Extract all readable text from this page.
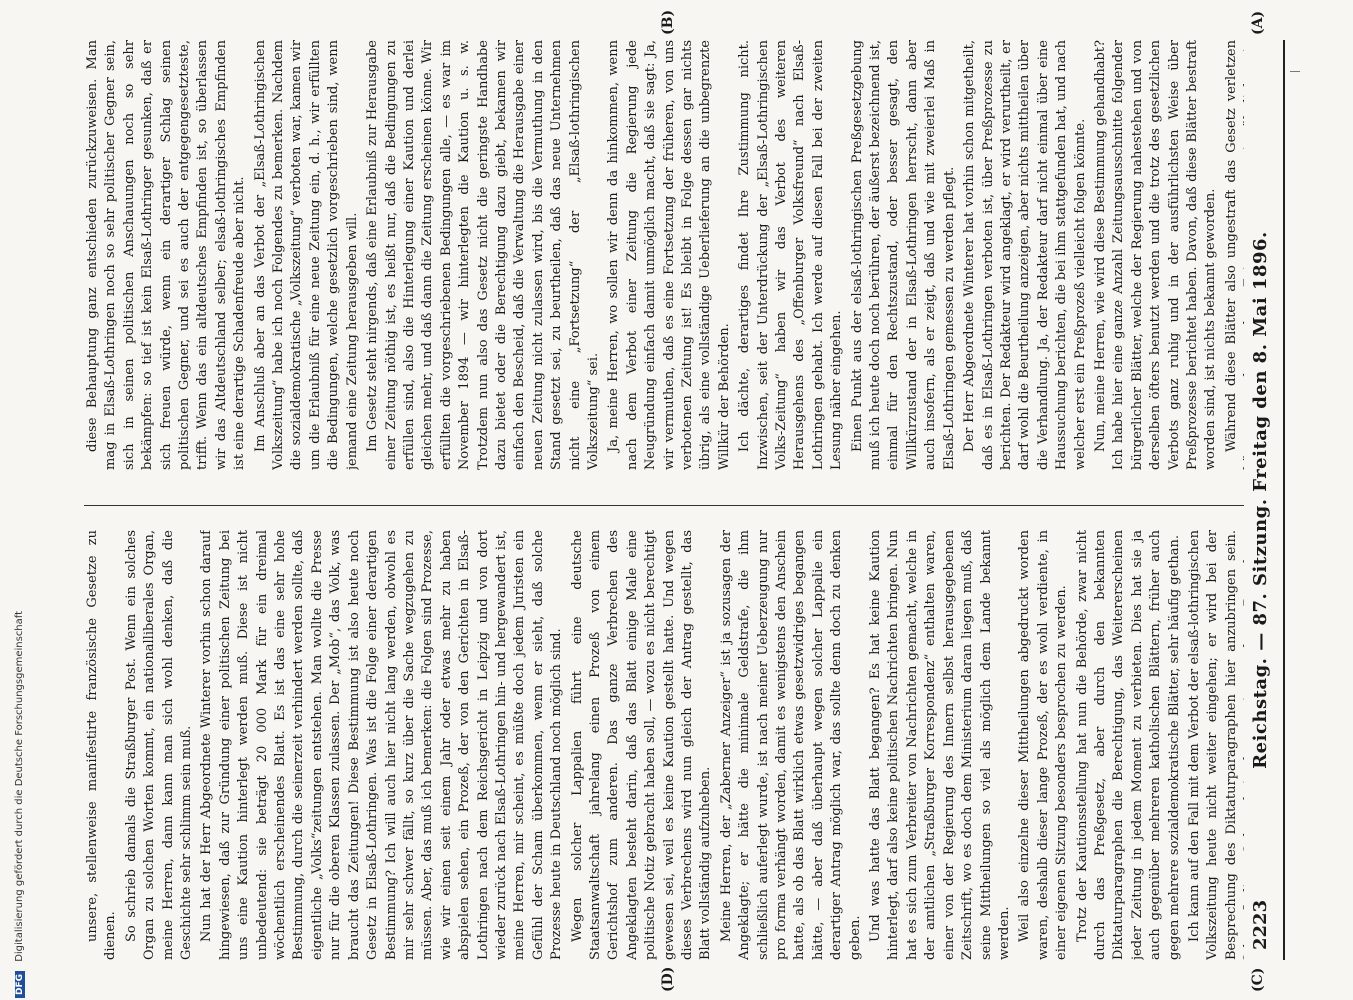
2223
Reichstag. — 87. Sitzung. Freitag den 8. Mai 1896.
(A)
(B)
(C)
(D)

unsere, stellenweise manifestirte französische Gesetze zu dienen. So schrieb damals die Straßburger Post. Wenn ein solches Organ zu solchen Worten kommt, ein nationalliberales Organ, meine Herren, dann kann man sich wohl denken, daß die Geschichte sehr schlimm sein muß. Nun hat der Herr Abgeordnete Winterer vorhin schon darauf hingewiesen, daß zur Gründung einer politischen Zeitung bei uns eine Kaution hinterlegt werden muß. Diese ist nicht unbedeutend: sie beträgt 20 000 Mark für ein dreimal wöchentlich erscheinendes Blatt. Es ist das eine sehr hohe Bestimmung, durch die seinerzeit verhindert werden sollte, daß eigentliche „Volks“zeitungen entstehen. Man wollte die Presse nur für die oberen Klassen zulassen. Der „Mob“, das Volk, was braucht das Zeitungen! Diese Bestimmung ist also heute noch Gesetz in Elsaß-Lothringen. Was ist die Folge einer derartigen Bestimmung? Ich will auch hier nicht lang werden, obwohl es mir sehr schwer fällt, so kurz über die Sache wegzugehen zu müssen. Aber, das muß ich bemerken: die Folgen sind Prozesse, wie wir einen seit einem Jahr oder etwas mehr zu haben abspielen sehen, ein Prozeß, der von den Gerichten in Elsaß-Lothringen nach dem Reichsgericht in Leipzig und von dort wieder zurück nach Elsaß-Lothringen hin- und hergewandert ist, meine Herren, mir scheint, es müßte doch jedem Juristen ein Gefühl der Scham überkommen, wenn er sieht, daß solche Prozesse heute in Deutschland noch möglich sind. Wegen solcher Lappalien führt eine deutsche Staatsanwaltschaft jahrelang einen Prozeß von einem Gerichtshof zum anderen. Das ganze Verbrechen des Angeklagten besteht darin, daß das Blatt einige Male eine politische Notiz gebracht haben soll, — wozu es nicht berechtigt gewesen sei, weil es keine Kaution gestellt hatte. Und wegen dieses Verbrechens wird nun gleich der Antrag gestellt, das Blatt vollständig aufzuheben. Meine Herren, der „Zaberner Anzeiger“ ist ja sozusagen der Angeklagte; er hätte die minimale Geldstrafe, die ihm schließlich auferlegt wurde, ist nach meiner Ueberzeugung nur pro forma verhängt worden, damit es wenigstens den Anschein hatte, als ob das Blatt wirklich etwas gesetzwidriges begangen hätte, — aber daß überhaupt wegen solcher Lappalie ein derartiger Antrag möglich war, das sollte denn doch zu denken geben. Und was hatte das Blatt begangen? Es hat keine Kaution hinterlegt, darf also keine politischen Nachrichten bringen. Nun hat es sich zum Verbreiter von Nachrichten gemacht, welche in der amtlichen „Straßburger Korrespondenz“ enthalten waren, einer von der Regierung des Innern selbst herausgegebenen Zeitschrift, wo es doch dem Ministerium daran liegen muß, daß seine Mittheilungen so viel als möglich dem Lande bekannt werden. Weil also einzelne dieser Mittheilungen abgedruckt worden waren, deshalb dieser lange Prozeß, der es wohl verdiente, in einer eigenen Sitzung besonders besprochen zu werden. Trotz der Kautionsstellung hat nun die Behörde, zwar nicht durch das Preßgesetz, aber durch den bekannten Diktaturparagraphen die Berechtigung, das Weitererscheinen jeder Zeitung in jedem Moment zu verbieten. Dies hat sie ja auch gegenüber mehreren katholischen Blättern, früher auch gegen mehrere sozialdemokratische Blätter, sehr häufig gethan. Ich kann auf den Fall mit dem Verbot der elsaß-lothringischen Volkszeitung heute nicht weiter eingehen; er wird bei der Besprechung des Diktaturparagraphen hier anzubringen sein.

diese Behauptung ganz entschieden zurückzuweisen. Man mag in Elsaß-Lothringen noch so sehr politischer Gegner sein, sich in seinen politischen Anschauungen noch so sehr bekämpfen: so tief ist kein Elsaß-Lothringer gesunken, daß er sich freuen würde, wenn ein derartiger Schlag seinen politischen Gegner, und sei es auch der entgegengesetzteste, trifft. Wenn das ein altdeutsches Empfinden ist, so überlassen wir das Altdeutschland selber; elsaß-lothringisches Empfinden ist eine derartige Schadenfreude aber nicht. Im Anschluß aber an das Verbot der „Elsaß-Lothringischen Volkszeitung“ habe ich noch Folgendes zu bemerken. Nachdem die sozialdemokratische „Volkszeitung“ verboten war, kamen wir um die Erlaubniß für eine neue Zeitung ein, d. h., wir erfüllten die Bedingungen, welche gesetzlich vorgeschrieben sind, wenn jemand eine Zeitung herausgeben will. Im Gesetz steht nirgends, daß eine Erlaubniß zur Herausgabe einer Zeitung nöthig ist, es heißt nur, daß die Bedingungen zu erfüllen sind, also die Hinterlegung einer Kaution und derlei gleichen mehr, und daß dann die Zeitung erscheinen könne. Wir erfüllten die vorgeschriebenen Bedingungen alle, — es war im November 1894 — wir hinterlegten die Kaution u. s. w. Trotzdem nun also das Gesetz nicht die geringste Handhabe dazu bietet oder die Berechtigung dazu giebt, bekamen wir einfach den Bescheid, daß die Verwaltung die Herausgabe einer neuen Zeitung nicht zulassen wird, bis die Vermuthung in den Stand gesetzt sei, zu beurtheilen, daß das neue Unternehmen nicht eine „Fortsetzung“ der „Elsaß-lothringischen Volkszeitung“ sei. Ja, meine Herren, wo sollen wir denn da hinkommen, wenn nach dem Verbot einer Zeitung die Regierung jede Neugründung einfach damit unmöglich macht, daß sie sagt: Ja, wir vermuthen, daß es eine Fortsetzung der früheren, von uns verbotenen Zeitung ist! Es bleibt in Folge dessen gar nichts übrig, als eine vollständige Ueberlieferung an die unbegrenzte Willkür der Behörden. Ich dächte, derartiges findet Ihre Zustimmung nicht. Inzwischen, seit der Unterdrückung der „Elsaß-Lothringischen Volks-Zeitung“ haben wir das Verbot des weiteren Herausgehens des „Offenburger Volksfreund“ nach Elsaß-Lothringen gehabt. Ich werde auf diesen Fall bei der zweiten Lesung näher eingehen. Einen Punkt aus der elsaß-lothringischen Preßgesetzgebung muß ich heute doch noch berühren, der äußerst bezeichnend ist, einmal für den Rechtszustand, oder besser gesagt, den Willkürzustand der in Elsaß-Lothringen herrscht, dann aber auch insofern, als er zeigt, daß und wie mit zweierlei Maß in Elsaß-Lothringen gemessen zu werden pflegt. Der Herr Abgeordnete Winterer hat vorhin schon mitgetheilt, daß es in Elsaß-Lothringen verboten ist, über Preßprozesse zu berichten. Der Redakteur wird angeklagt, er wird verurtheilt, er darf wohl die Beurtheilung anzeigen, aber nichts mittheilen über die Verhandlung. Ja, der Redakteur darf nicht einmal über eine Haussuchung berichten, die bei ihm stattgefunden hat, und nach welcher erst ein Preßprozeß vielleicht folgen könnte. Nun, meine Herren, wie wird diese Bestimmung gehandhabt? Ich habe hier eine ganze Anzahl Zeitungsausschnitte folgender bürgerlicher Blätter, welche der Regierung nahestehen und von derselben öfters benutzt werden und die trotz des gesetzlichen Verbots ganz ruhig und in der ausführlichsten Weise über Preßprozesse berichtet haben. Davon, daß diese Blätter bestraft worden sind, ist nichts bekannt geworden. Während diese Blätter also ungestraft das Gesetz verletzen

DFG Digitalisierung gefördert durch die Deutsche Forschungsgemeinschaft
